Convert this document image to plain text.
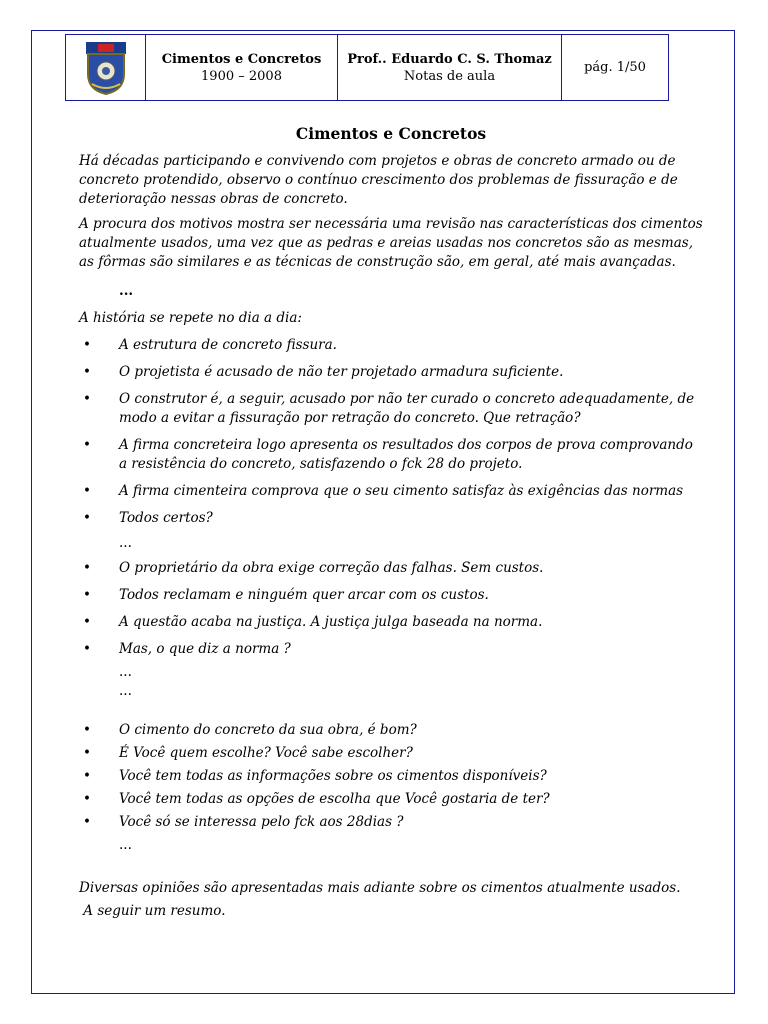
Cimentos e Concretos
1900 – 2008
Prof.. Eduardo C. S. Thomaz
Notas de aula
pág. 1/50
Cimentos e Concretos

Há décadas participando e convivendo com projetos e obras de concreto armado ou de concreto protendido, observo o contínuo crescimento dos problemas de fissuração e de deterioração nessas obras de concreto.

A procura dos motivos mostra ser necessária uma revisão nas características dos cimentos atualmente usados, uma vez que as pedras e areias usadas nos concretos são as mesmas, as fôrmas são similares e as técnicas de construção são, em geral, até mais avançadas.

...

A história se repete no dia a dia:

• A estrutura de concreto fissura.
• O projetista é acusado de não ter projetado armadura suficiente.
• O construtor é, a seguir, acusado por não ter curado o concreto adequadamente, de modo a evitar a fissuração por retração do concreto. Que retração?
• A firma concreteira logo apresenta os resultados dos corpos de prova comprovando a resistência do concreto, satisfazendo o fck 28 do projeto.
• A firma cimenteira comprova que o seu cimento satisfaz às exigências das normas
• Todos certos?
...
• O proprietário da obra exige correção das falhas. Sem custos.
• Todos reclamam e ninguém quer arcar com os custos.
• A questão acaba na justiça. A justiça julga baseada na norma.
• Mas, o que diz a norma ?
...
...
• O cimento do concreto da sua obra, é bom?
• É Você quem escolhe? Você sabe escolher?
• Você tem todas as informações sobre os cimentos disponíveis?
• Você tem todas as opções de escolha que Você gostaria de ter?
• Você só se interessa pelo fck aos 28dias ?
...

Diversas opiniões são apresentadas mais adiante sobre os cimentos atualmente usados.

A seguir um resumo.
